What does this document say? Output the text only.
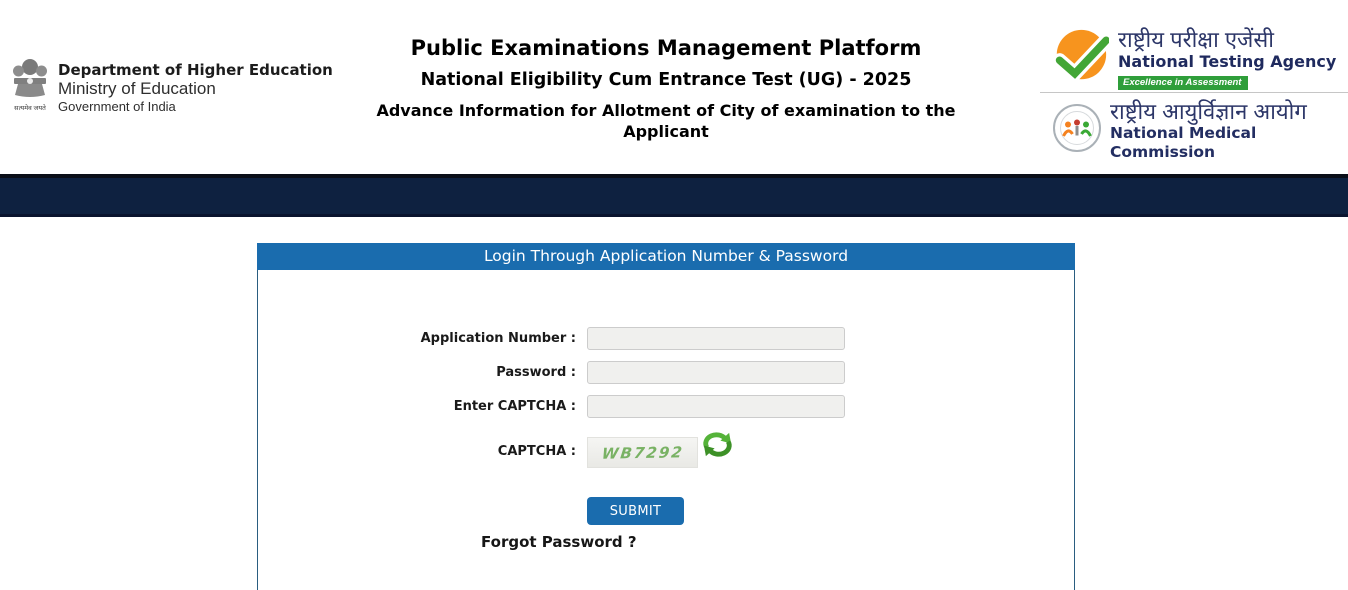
सत्यमेव जयते
Department of Higher Education
Ministry of Education
Government of India
Public Examinations Management Platform
National Eligibility Cum Entrance Test (UG) - 2025
Advance Information for Allotment of City of examination to the Applicant
राष्ट्रीय परीक्षा एजेंसी
National Testing Agency
Excellence in Assessment
राष्ट्रीय आयुर्विज्ञान आयोग
National Medical Commission
Login Through Application Number & Password
Application Number :
Password :
Enter CAPTCHA :
CAPTCHA : WB7292
SUBMIT
Forgot Password ?
